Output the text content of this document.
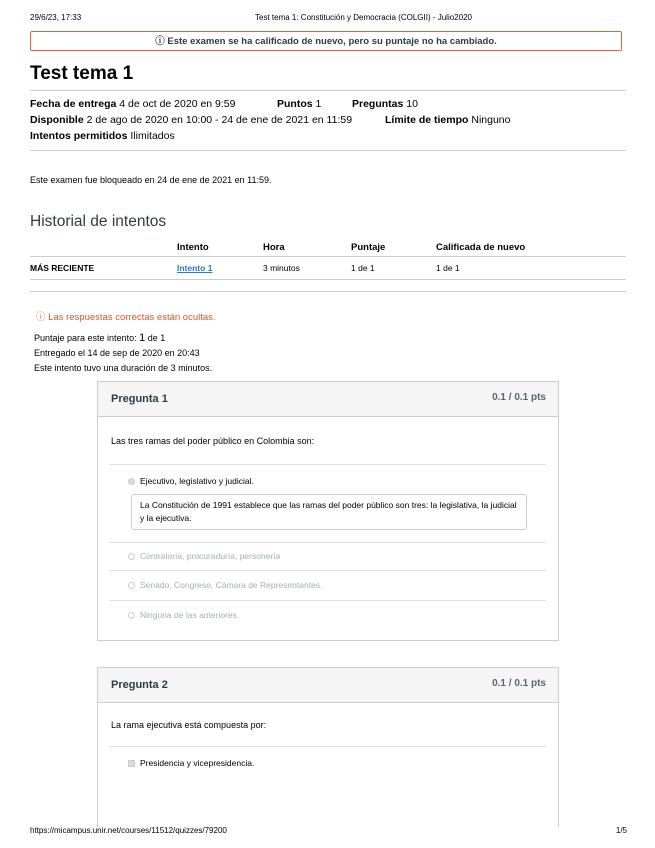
29/6/23, 17:33	Test tema 1: Constitución y Democracia (COLGII) - Julio2020
ⓘ Este examen se ha calificado de nuevo, pero su puntaje no ha cambiado.
Test tema 1
Fecha de entrega 4 de oct de 2020 en 9:59	Puntos 1	Preguntas 10
Disponible 2 de ago de 2020 en 10:00 - 24 de ene de 2021 en 11:59	Límite de tiempo Ninguno
Intentos permitidos Ilimitados
Este examen fue bloqueado en 24 de ene de 2021 en 11:59.
Historial de intentos
	Intento	Hora	Puntaje	Calificada de nuevo
MÁS RECIENTE	Intento 1	3 minutos	1 de 1	1 de 1
ⓘ Las respuestas correctas están ocultas.
Puntaje para este intento: 1 de 1
Entregado el 14 de sep de 2020 en 20:43
Este intento tuvo una duración de 3 minutos.
Pregunta 1	0.1 / 0.1 pts
Las tres ramas del poder público en Colombia son:
Ejecutivo, legislativo y judicial.
La Constitución de 1991 establece que las ramas del poder público son tres: la legislativa, la judicial y la ejecutiva.
Contraloría, procuraduría, personería
Senado, Congreso, Cámara de Representantes.
Ninguna de las anteriores
Pregunta 2	0.1 / 0.1 pts
La rama ejecutiva está compuesta por:
Presidencia y vicepresidencia.
https://micampus.unir.net/courses/11512/quizzes/79200	1/5
